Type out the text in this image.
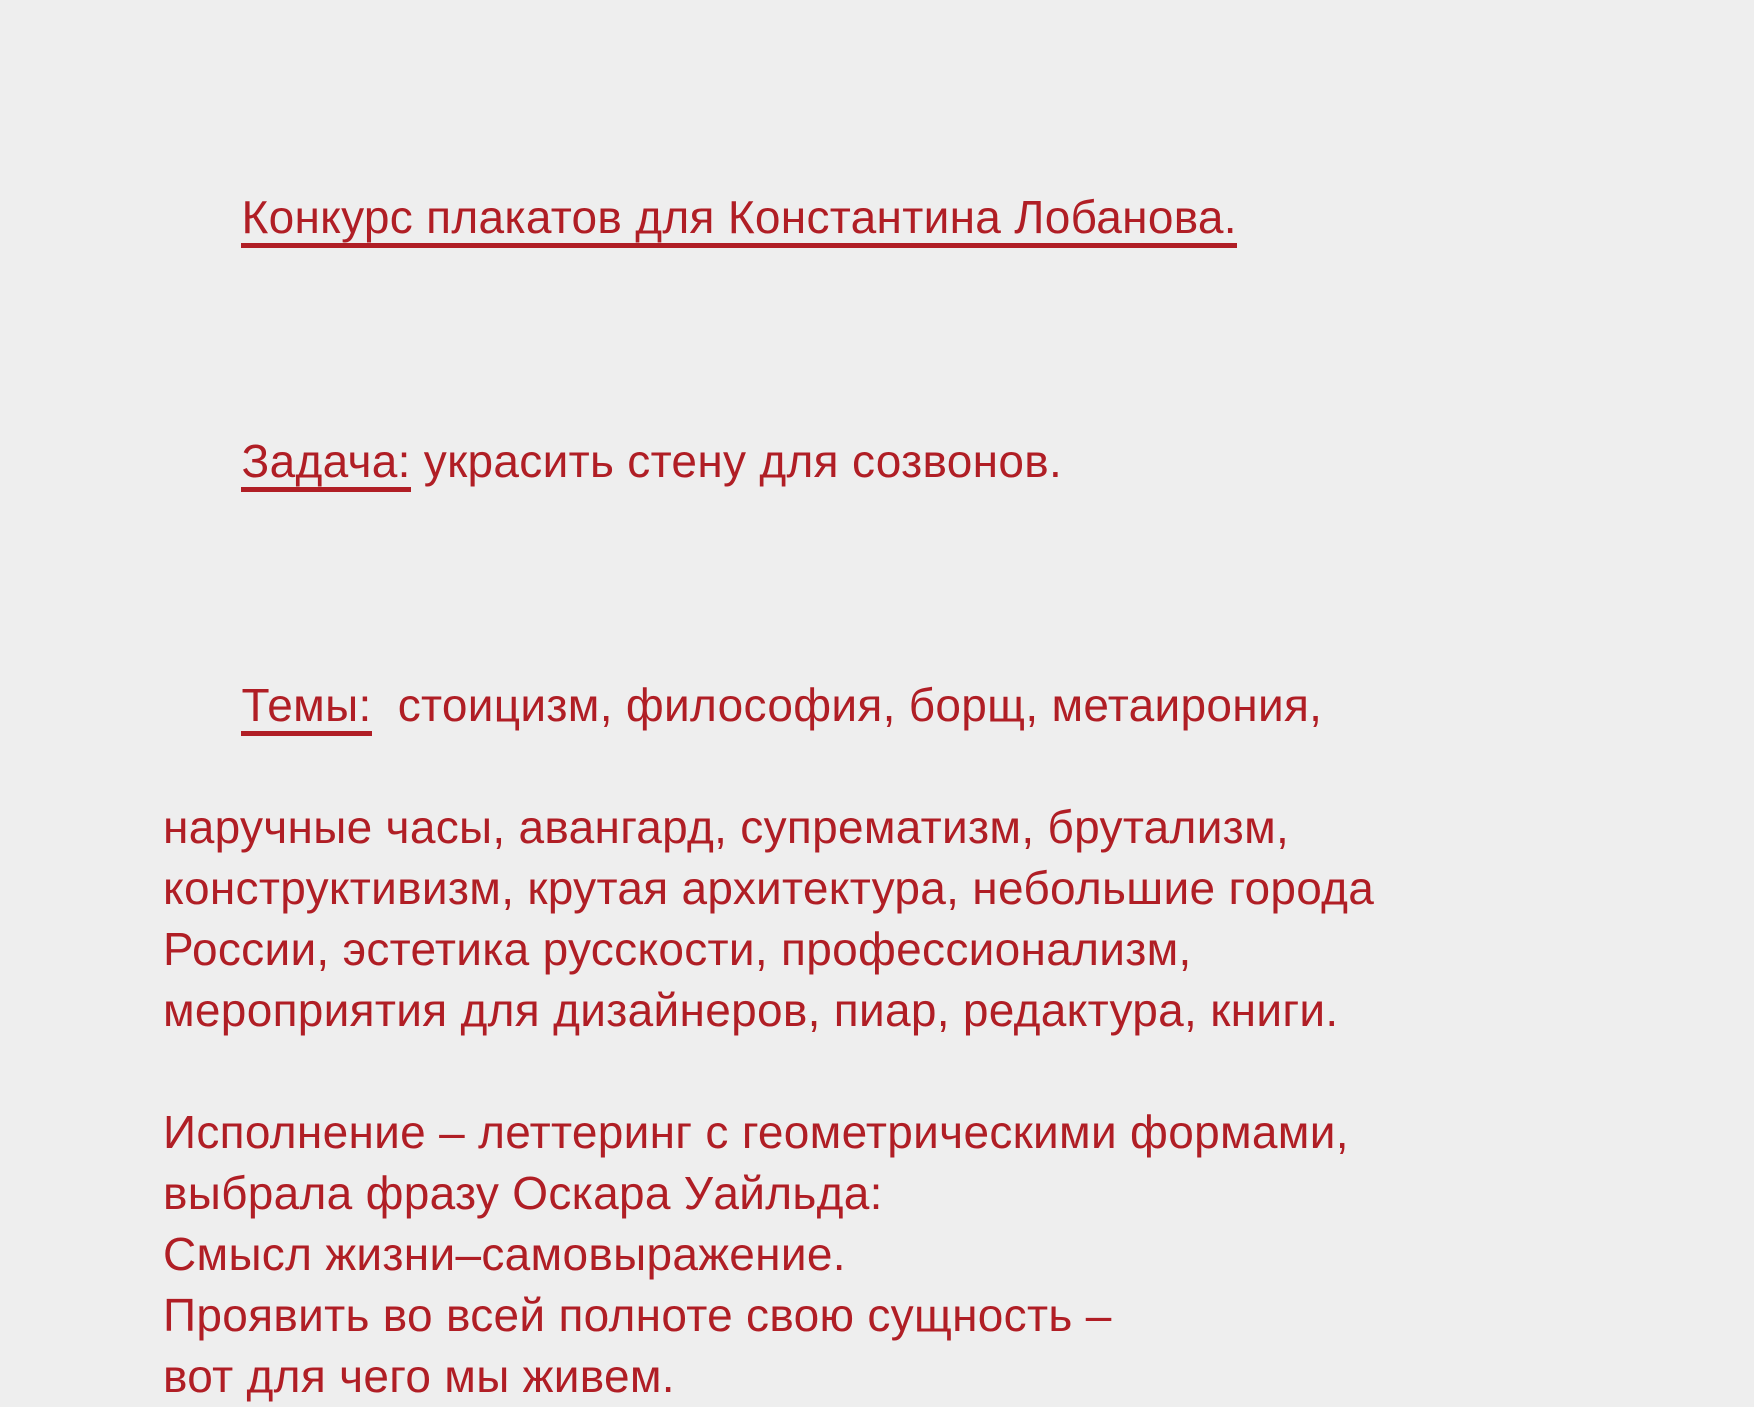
Конкурс плакатов для Константина Лобанова.

Задача: украсить стену для созвонов.

Темы:  стоицизм, философия, борщ, метаирония,

наручные часы, авангард, супрематизм, брутализм,
конструктивизм, крутая архитектура, небольшие города
России, эстетика русскости, профессионализм,
мероприятия для дизайнеров, пиар, редактура, книги.
Исполнение – леттеринг с геометрическими формами,
выбрала фразу Оскара Уайльда:
Смысл жизни–самовыражение.
Проявить во всей полноте свою сущность –
вот для чего мы живем.
